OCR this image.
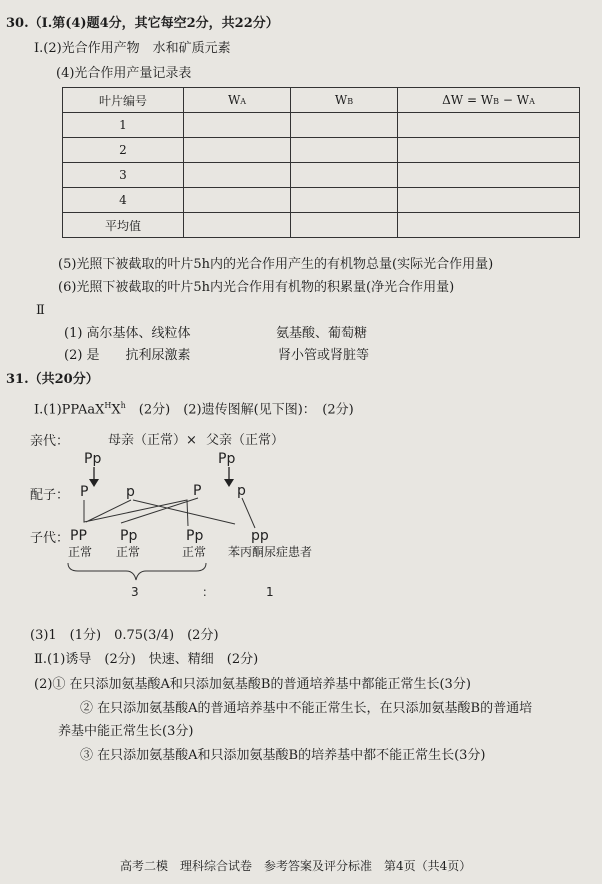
30.（Ⅰ.第(4)题4分，其它每空2分，共22分）
Ⅰ.(2)光合作用产物　水和矿质元素
(4)光合作用产量记录表
叶片编号	WA	WB	ΔW = WB − WA
1			
2			
3			
4			
平均值			
(5)光照下被截取的叶片5h内的光合作用产生的有机物总量(实际光合作用量)
(6)光照下被截取的叶片5h内光合作用有机物的积累量(净光合作用量)
Ⅱ
(1) 高尔基体、线粒体	氨基酸、葡萄糖
(2) 是　　抗利尿激素	肾小管或肾脏等
31.（共20分）
$Ⅰ.(1)PPAaX^HX^h$　(2分)　(2)遗传图解(见下图)：　(2分)
亲代：	母亲（正常）× 父亲（正常）
Pp	Pp
配子： P	p	P	p
子代： PP Pp	Pp	pp
正常 正常	正常 苯丙酮尿症患者
3	：	1
(3)1　(1分)　0.75(3/4)　(2分)
Ⅱ.(1)诱导　(2分)　快速、精细　(2分)
(2)① 在只添加氨基酸A和只添加氨基酸B的普通培养基中都能正常生长(3分)
② 在只添加氨基酸A的普通培养基中不能正常生长，在只添加氨基酸B的普通培
养基中能正常生长(3分)
③ 在只添加氨基酸A和只添加氨基酸B的培养基中都不能正常生长(3分)
高考二模　理科综合试卷　参考答案及评分标准　第4页（共4页）
